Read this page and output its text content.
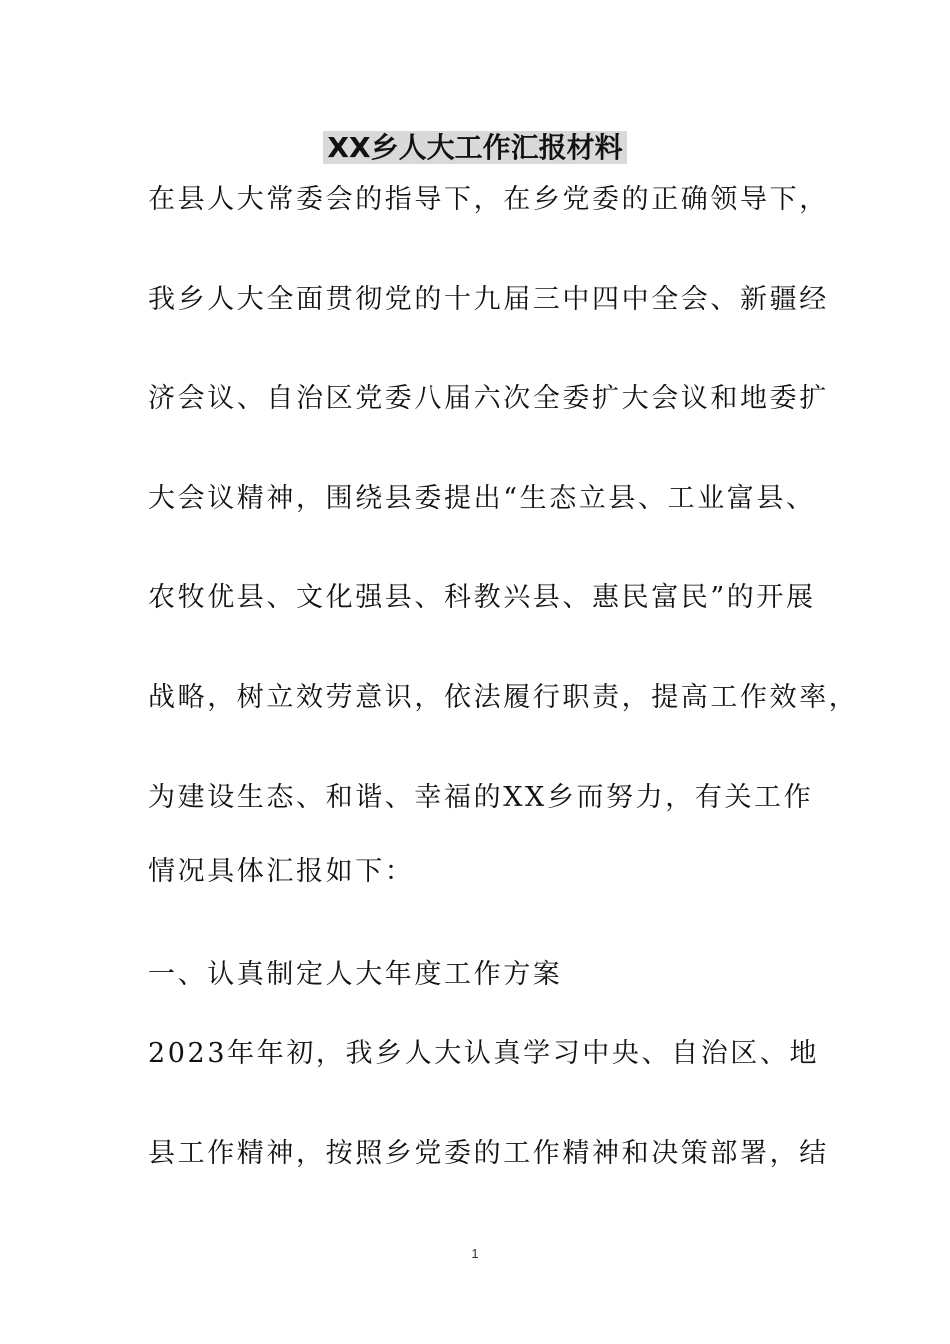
XX乡人大工作汇报材料
在县人大常委会的指导下，在乡党委的正确领导下，
我乡人大全面贯彻党的十九届三中四中全会、新疆经
济会议、自治区党委八届六次全委扩大会议和地委扩
大会议精神，围绕县委提出“生态立县、工业富县、
农牧优县、文化强县、科教兴县、惠民富民”的开展
战略，树立效劳意识，依法履行职责，提高工作效率，
为建设生态、和谐、幸福的XX乡而努力，有关工作
情况具体汇报如下：
一、认真制定人大年度工作方案
2023年年初，我乡人大认真学习中央、自治区、地
县工作精神，按照乡党委的工作精神和决策部署，结
1
